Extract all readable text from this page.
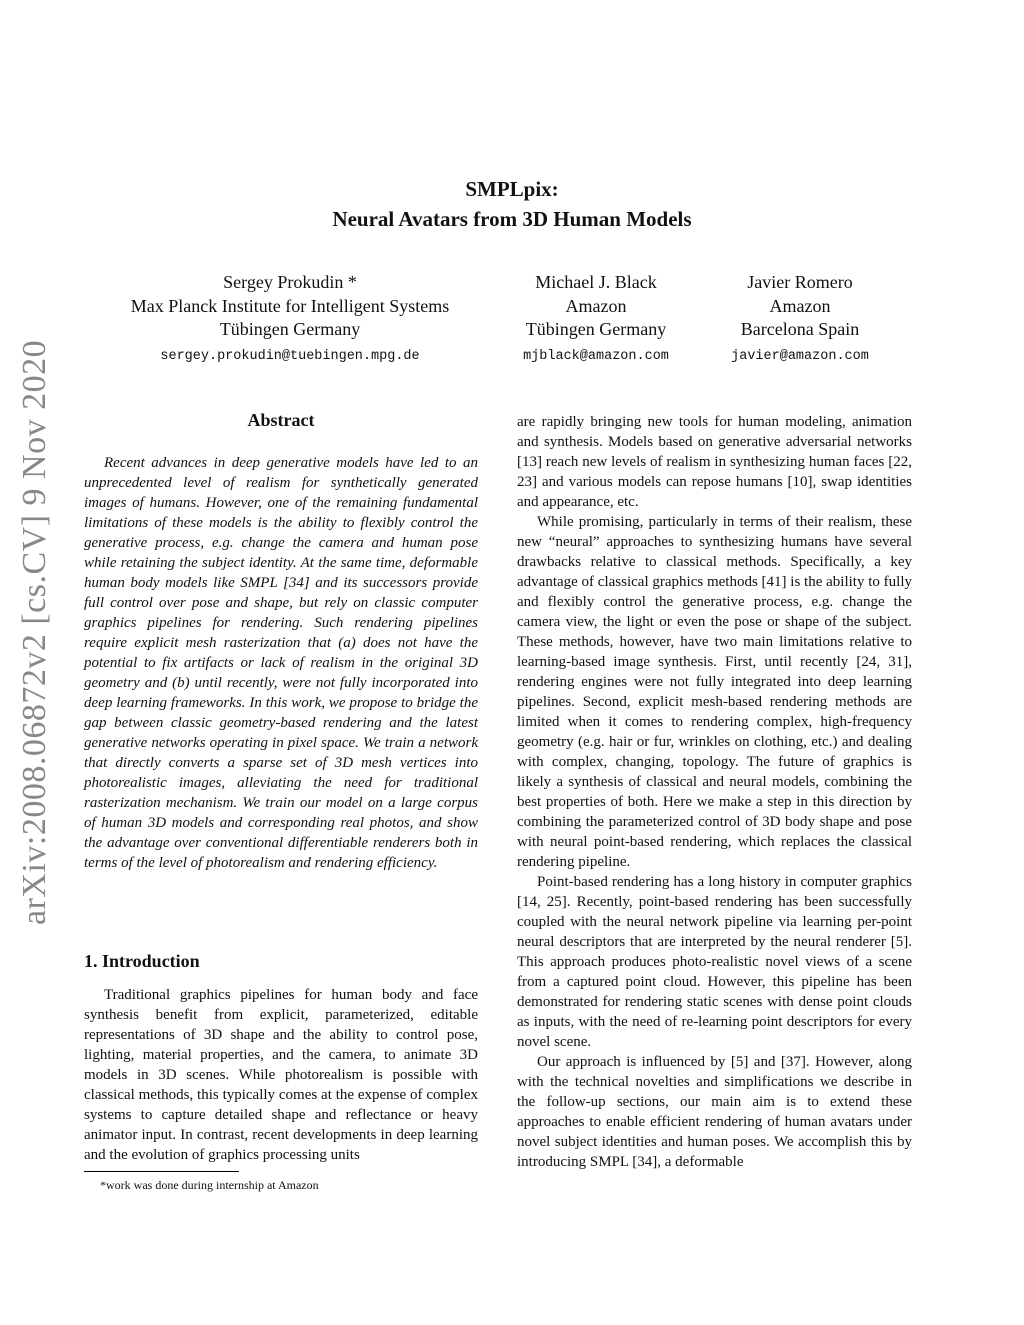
arXiv:2008.06872v2 [cs.CV] 9 Nov 2020
SMPLpix:
Neural Avatars from 3D Human Models
Sergey Prokudin *
Max Planck Institute for Intelligent Systems
Tübingen Germany
sergey.prokudin@tuebingen.mpg.de
Michael J. Black
Amazon
Tübingen Germany
mjblack@amazon.com
Javier Romero
Amazon
Barcelona Spain
javier@amazon.com
Abstract

Recent advances in deep generative models have led to an unprecedented level of realism for synthetically generated images of humans. However, one of the remaining fundamental limitations of these models is the ability to flexibly control the generative process, e.g. change the camera and human pose while retaining the subject identity. At the same time, deformable human body models like SMPL [34] and its successors provide full control over pose and shape, but rely on classic computer graphics pipelines for rendering. Such rendering pipelines require explicit mesh rasterization that (a) does not have the potential to fix artifacts or lack of realism in the original 3D geometry and (b) until recently, were not fully incorporated into deep learning frameworks. In this work, we propose to bridge the gap between classic geometry-based rendering and the latest generative networks operating in pixel space. We train a network that directly converts a sparse set of 3D mesh vertices into photorealistic images, alleviating the need for traditional rasterization mechanism. We train our model on a large corpus of human 3D models and corresponding real photos, and show the advantage over conventional differentiable renderers both in terms of the level of photorealism and rendering efficiency.

1. Introduction

Traditional graphics pipelines for human body and face synthesis benefit from explicit, parameterized, editable representations of 3D shape and the ability to control pose, lighting, material properties, and the camera, to animate 3D models in 3D scenes. While photorealism is possible with classical methods, this typically comes at the expense of complex systems to capture detailed shape and reflectance or heavy animator input. In contrast, recent developments in deep learning and the evolution of graphics processing units

*work was done during internship at Amazon

are rapidly bringing new tools for human modeling, animation and synthesis. Models based on generative adversarial networks [13] reach new levels of realism in synthesizing human faces [22, 23] and various models can repose humans [10], swap identities and appearance, etc.

While promising, particularly in terms of their realism, these new “neural” approaches to synthesizing humans have several drawbacks relative to classical methods. Specifically, a key advantage of classical graphics methods [41] is the ability to fully and flexibly control the generative process, e.g. change the camera view, the light or even the pose or shape of the subject. These methods, however, have two main limitations relative to learning-based image synthesis. First, until recently [24, 31], rendering engines were not fully integrated into deep learning pipelines. Second, explicit mesh-based rendering methods are limited when it comes to rendering complex, high-frequency geometry (e.g. hair or fur, wrinkles on clothing, etc.) and dealing with complex, changing, topology. The future of graphics is likely a synthesis of classical and neural models, combining the best properties of both. Here we make a step in this direction by combining the parameterized control of 3D body shape and pose with neural point-based rendering, which replaces the classical rendering pipeline.

Point-based rendering has a long history in computer graphics [14, 25]. Recently, point-based rendering has been successfully coupled with the neural network pipeline via learning per-point neural descriptors that are interpreted by the neural renderer [5]. This approach produces photo-realistic novel views of a scene from a captured point cloud. However, this pipeline has been demonstrated for rendering static scenes with dense point clouds as inputs, with the need of re-learning point descriptors for every novel scene.

Our approach is influenced by [5] and [37]. However, along with the technical novelties and simplifications we describe in the follow-up sections, our main aim is to extend these approaches to enable efficient rendering of human avatars under novel subject identities and human poses. We accomplish this by introducing SMPL [34], a deformable
